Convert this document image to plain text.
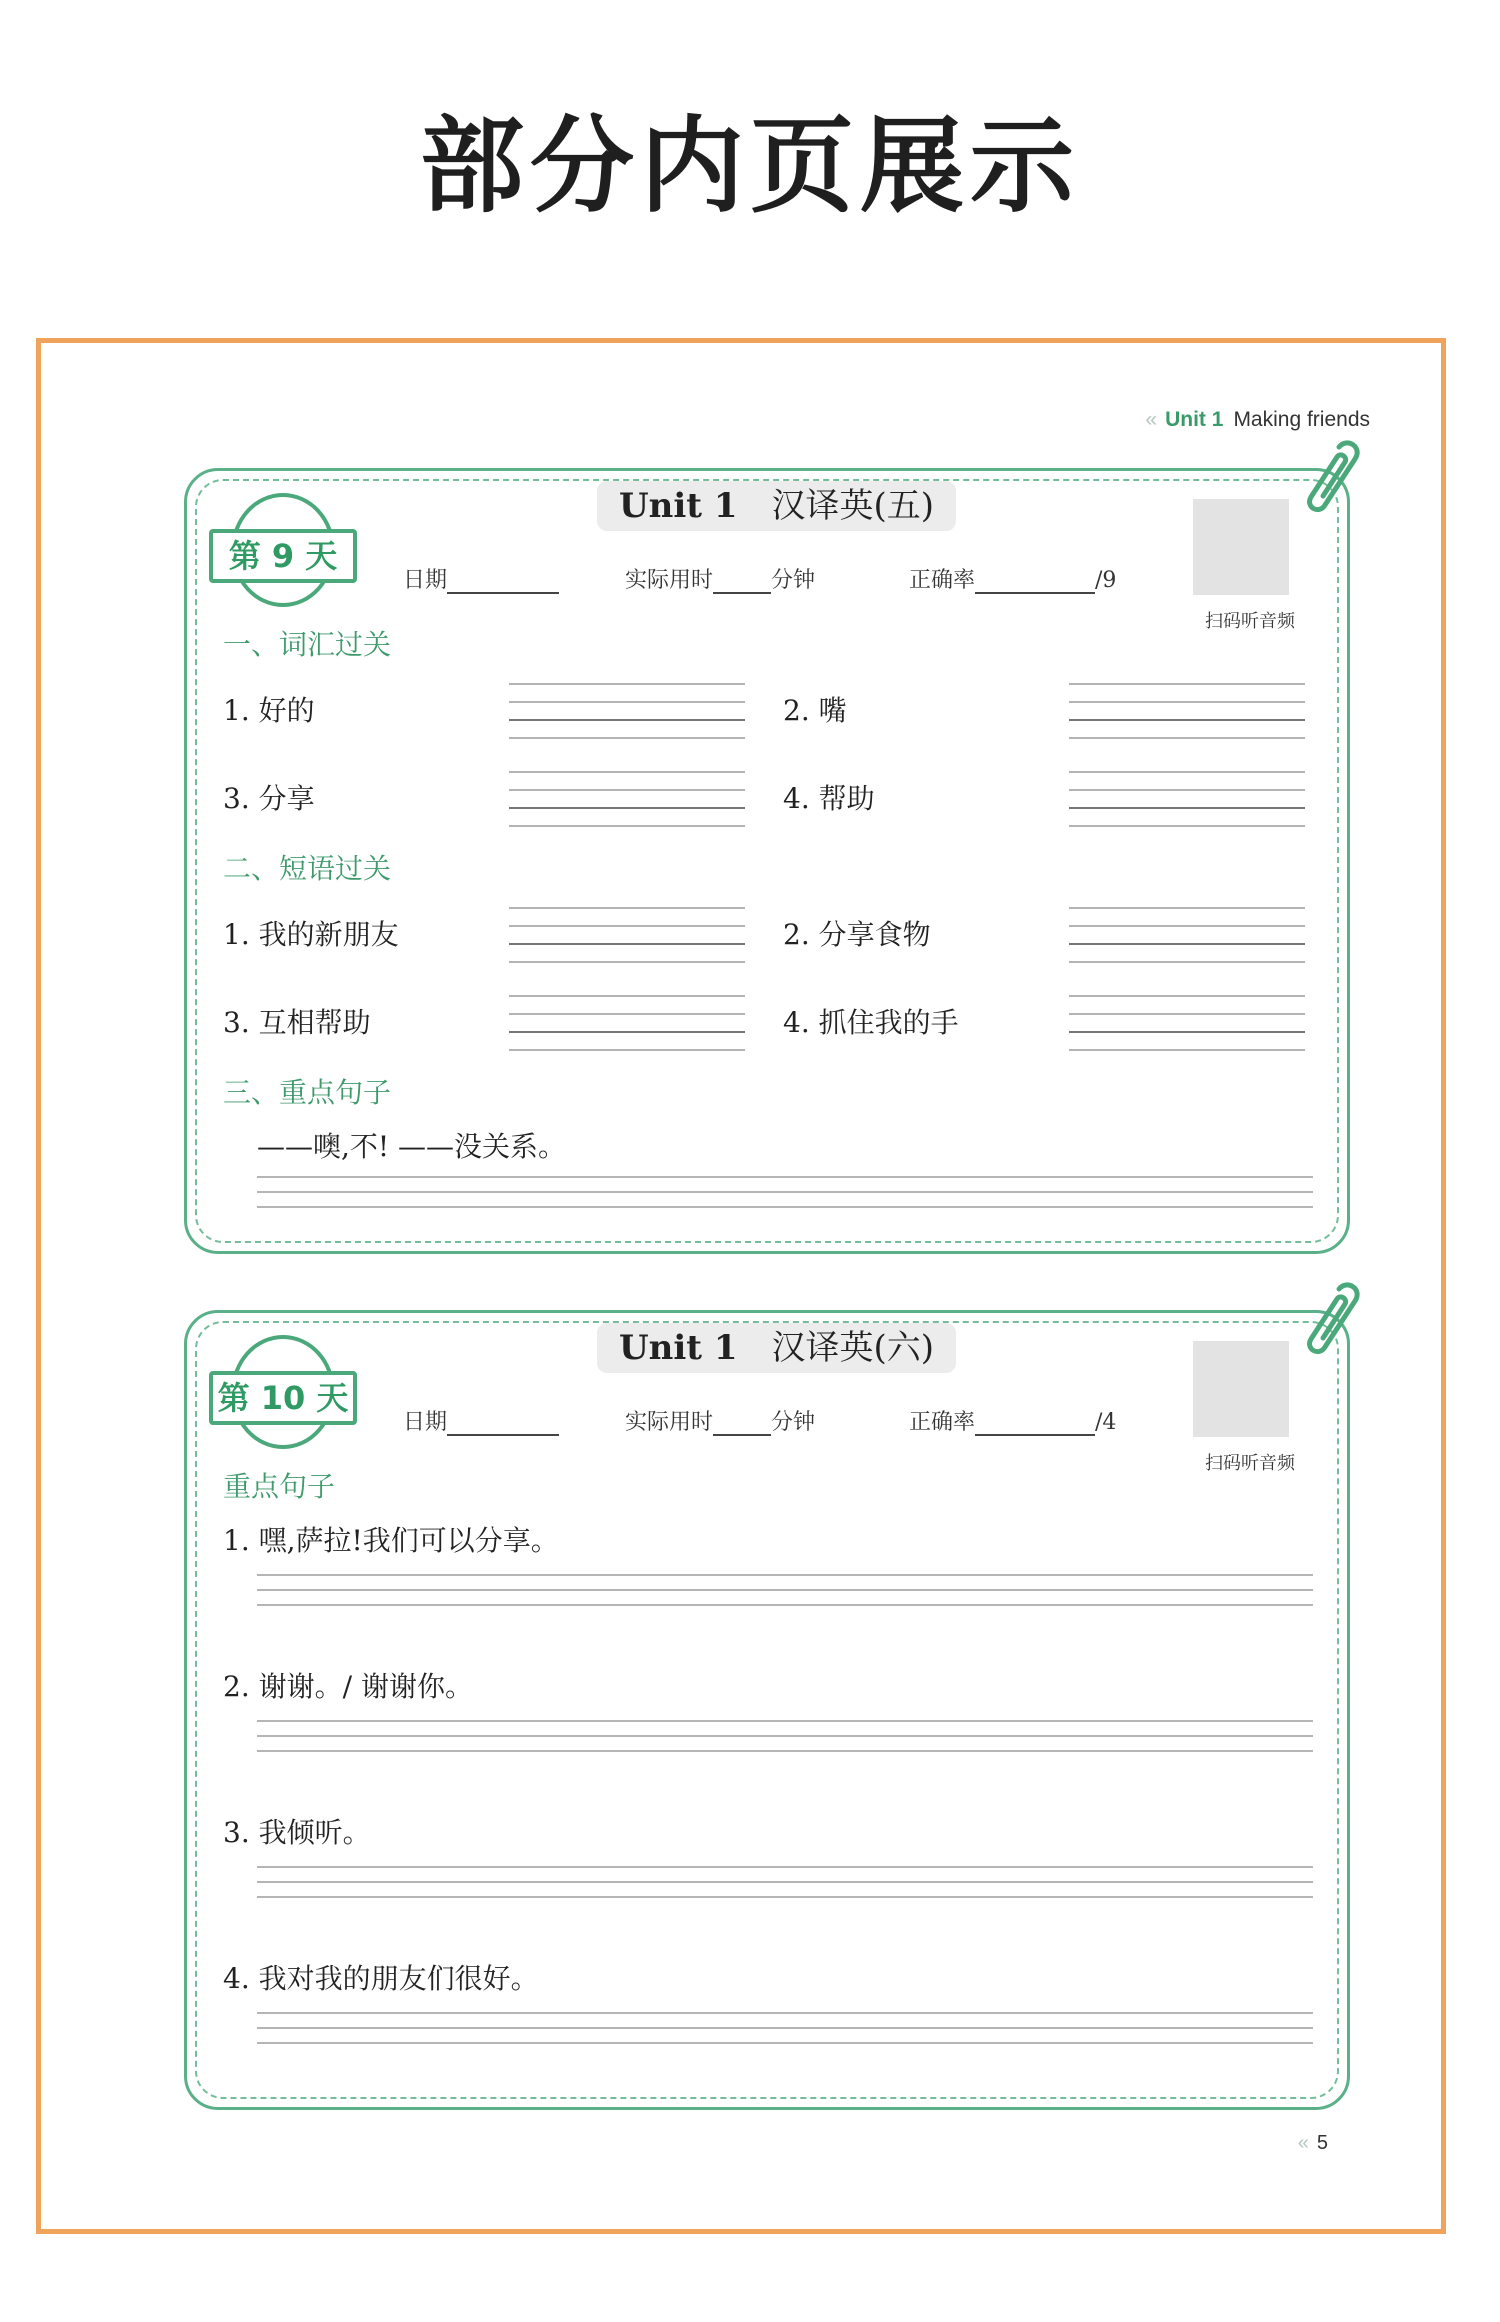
部分内页展示
« Unit 1 Making friends
Unit 1 汉译英(五)
第 9 天
日期	实际用时	分钟	正确率	/9
扫码听音频
一、词汇过关
1. 好的	2. 嘴
3. 分享	4. 帮助
二、短语过关
1. 我的新朋友	2. 分享食物
3. 互相帮助	4. 抓住我的手
三、重点句子
——噢,不! ——没关系。
Unit 1 汉译英(六)
第 10 天
日期	实际用时	分钟	正确率	/4
扫码听音频
重点句子
1. 嘿,萨拉!我们可以分享。
2. 谢谢。/ 谢谢你。
3. 我倾听。
4. 我对我的朋友们很好。
« 5
